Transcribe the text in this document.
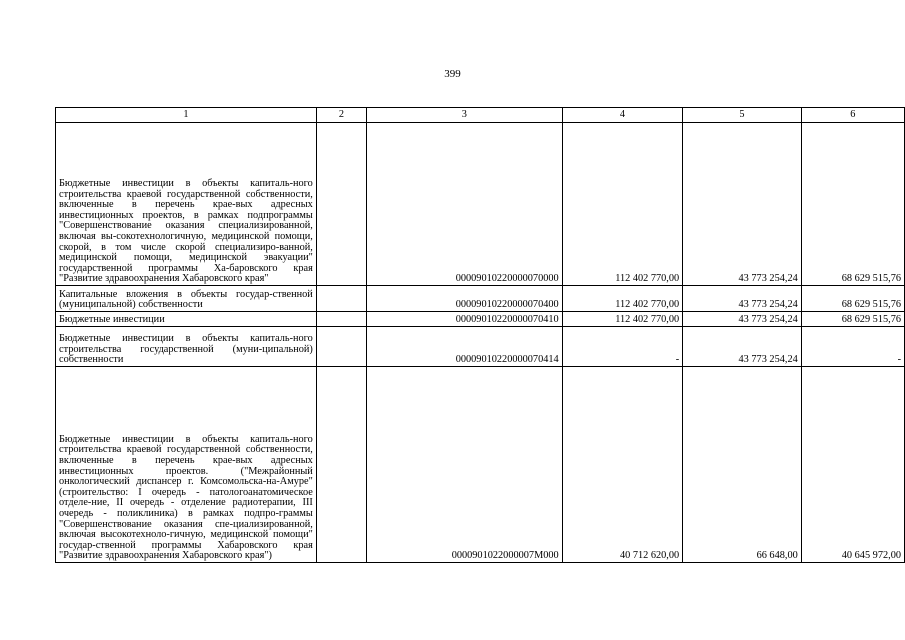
399
1	2	3	4	5	6
Бюджетные инвестиции в объекты капиталь-ного строительства краевой государственной собственности, включенные в перечень крае-вых адресных инвестиционных проектов, в рамках подпрограммы "Совершенствование оказания специализированной, включая вы-сокотехнологичную, медицинской помощи, скорой, в том числе скорой специализиро-ванной, медицинской помощи, медицинской эвакуации" государственной программы Ха-баровского края "Развитие здравоохранения Хабаровского края"		00009010220000070000	112 402 770,00	43 773 254,24	68 629 515,76
Капитальные вложения в объекты государ-ственной (муниципальной) собственности		00009010220000070400	112 402 770,00	43 773 254,24	68 629 515,76
Бюджетные инвестиции		00009010220000070410	112 402 770,00	43 773 254,24	68 629 515,76
Бюджетные инвестиции в объекты капиталь-ного строительства государственной (муни-ципальной) собственности		00009010220000070414	-	43 773 254,24	-
Бюджетные инвестиции в объекты капиталь-ного строительства краевой государственной собственности, включенные в перечень крае-вых адресных инвестиционных проектов. ("Межрайонный онкологический диспансер г. Комсомольска-на-Амуре" (строительство: I очередь - патологоанатомическое отделе-ние, II очередь - отделение радиотерапии, III очередь - поликлиника) в рамках подпро-граммы "Совершенствование оказания спе-циализированной, включая высокотехноло-гичную, медицинской помощи" государ-ственной программы Хабаровского края "Развитие здравоохранения Хабаровского края")		0000901022000007M000	40 712 620,00	66 648,00	40 645 972,00
